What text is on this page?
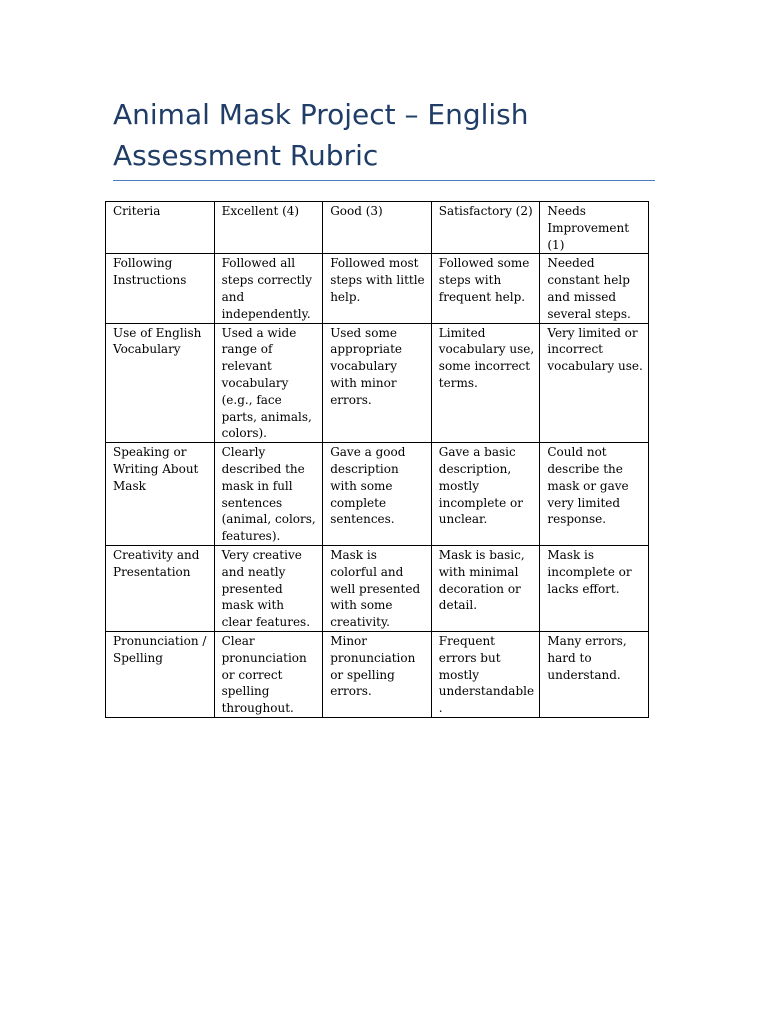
Animal Mask Project – English Assessment Rubric
Criteria	Excellent (4)	Good (3)	Satisfactory (2)	Needs Improvement (1)
Following Instructions	Followed all steps correctly and independently.	Followed most steps with little help.	Followed some steps with frequent help.	Needed constant help and missed several steps.
Use of English Vocabulary	Used a wide range of relevant vocabulary (e.g., face parts, animals, colors).	Used some appropriate vocabulary with minor errors.	Limited vocabulary use, some incorrect terms.	Very limited or incorrect vocabulary use.
Speaking or Writing About Mask	Clearly described the mask in full sentences (animal, colors, features).	Gave a good description with some complete sentences.	Gave a basic description, mostly incomplete or unclear.	Could not describe the mask or gave very limited response.
Creativity and Presentation	Very creative and neatly presented mask with clear features.	Mask is colorful and well presented with some creativity.	Mask is basic, with minimal decoration or detail.	Mask is incomplete or lacks effort.
Pronunciation / Spelling	Clear pronunciation or correct spelling throughout.	Minor pronunciation or spelling errors.	Frequent errors but mostly understandable.	Many errors, hard to understand.
